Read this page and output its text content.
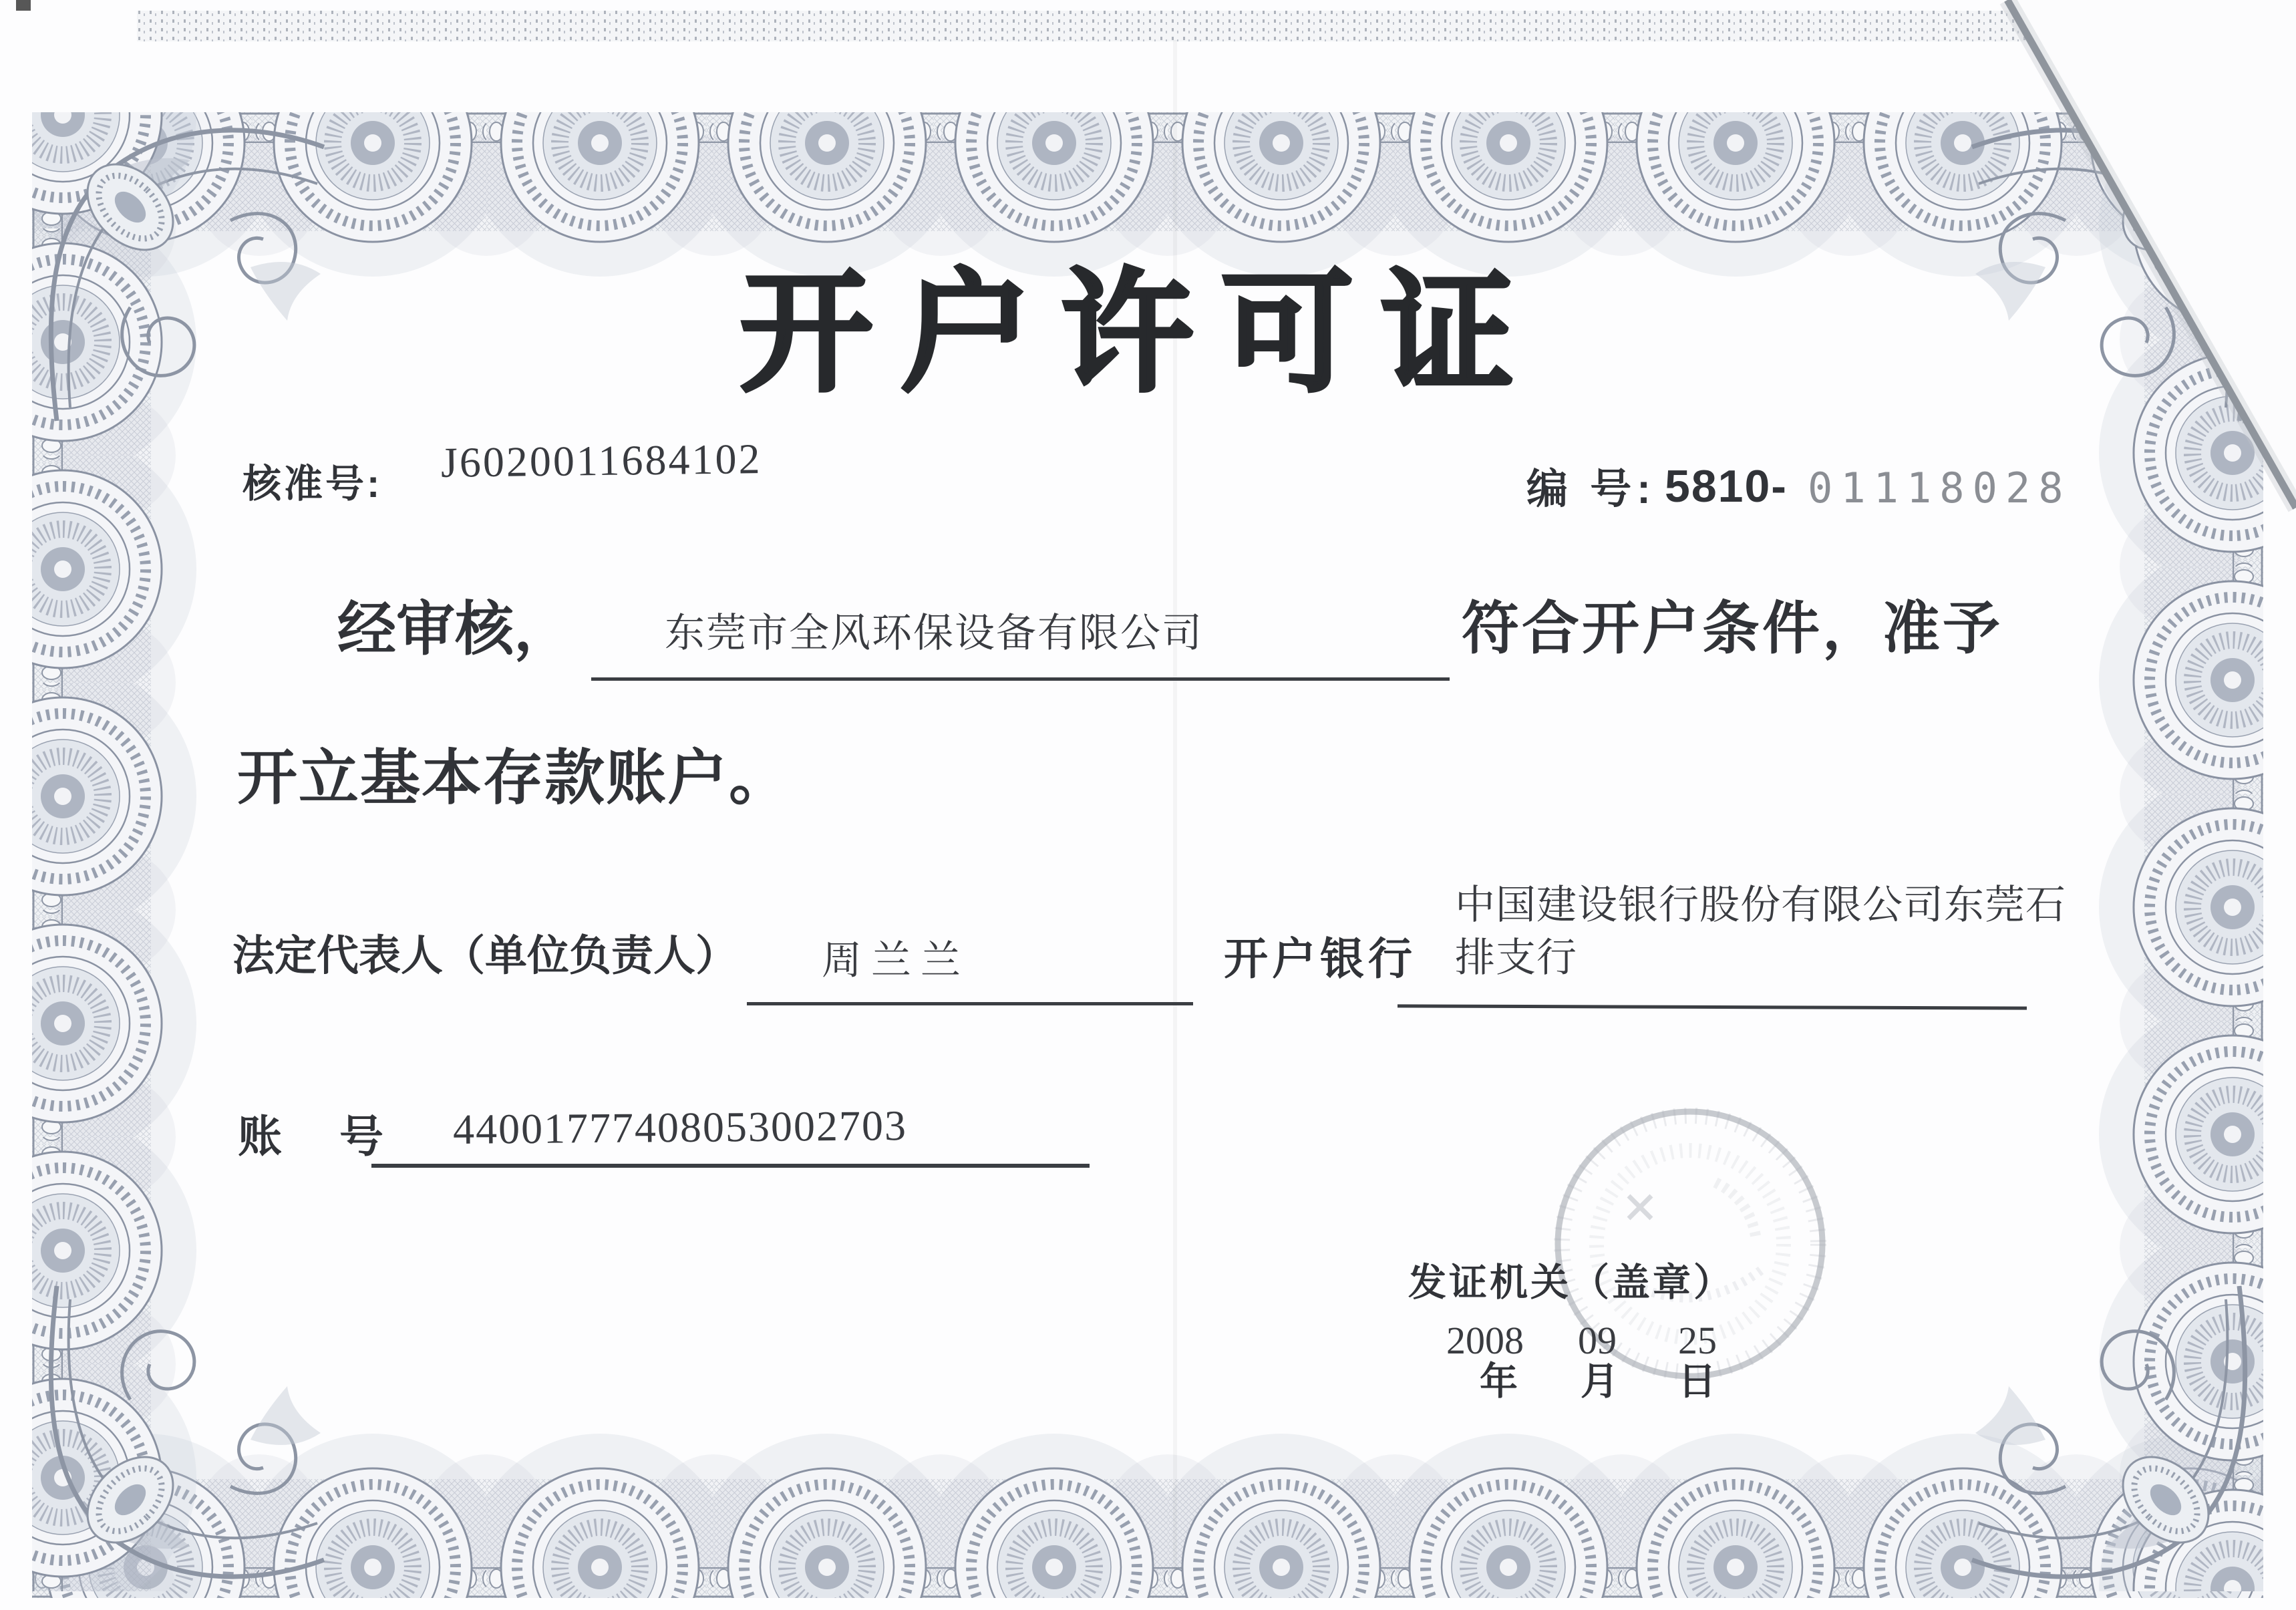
开户许可证
核准号: J6020011684102
编 号: 5810- 01118028
经审核， 东莞市全风环保设备有限公司	符合开户条件，准予
开立基本存款账户。
法定代表人（单位负责人） 周兰兰	开户银行
中国建设银行股份有限公司东莞石排支行
账　号 44001777408053002703
发证机关（盖章）
2008 09 25
年 月 日
